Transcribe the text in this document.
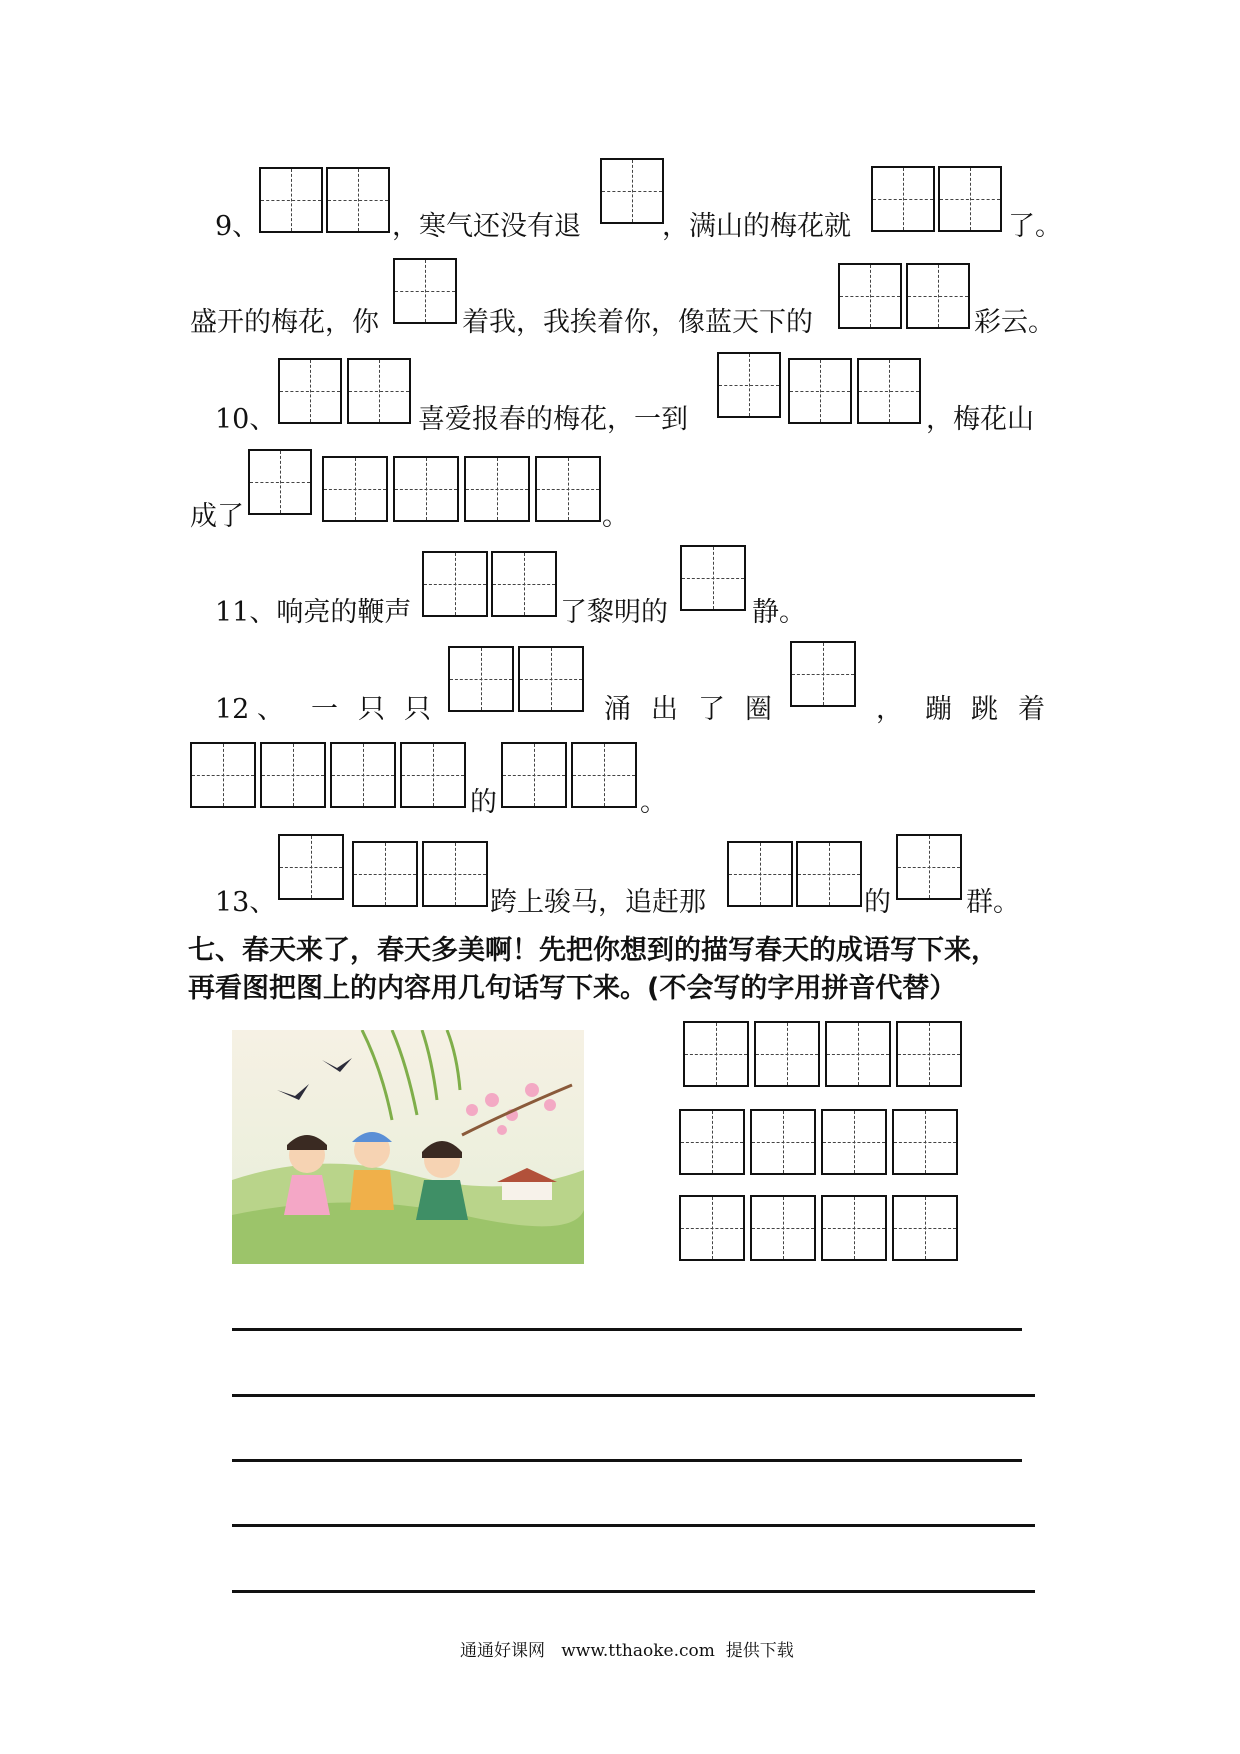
9、	，寒气还没有退	，满山的梅花就	了。
盛开的梅花，你	着我，我挨着你，像蓝天下的	彩云。
10、	喜爱报春的梅花，一到	，梅花山
成了	。
11、响亮的鞭声	了黎明的	静。
12 、 一 只 只	涌 出 了 圈	， 蹦 跳 着
的	。
13、	跨上骏马，追赶那	的	群。
七、春天来了，春天多美啊！先把你想到的描写春天的成语写下来，
再看图把图上的内容用几句话写下来。(不会写的字用拼音代替）
通通好课网 www.tthaoke.com 提供下载
